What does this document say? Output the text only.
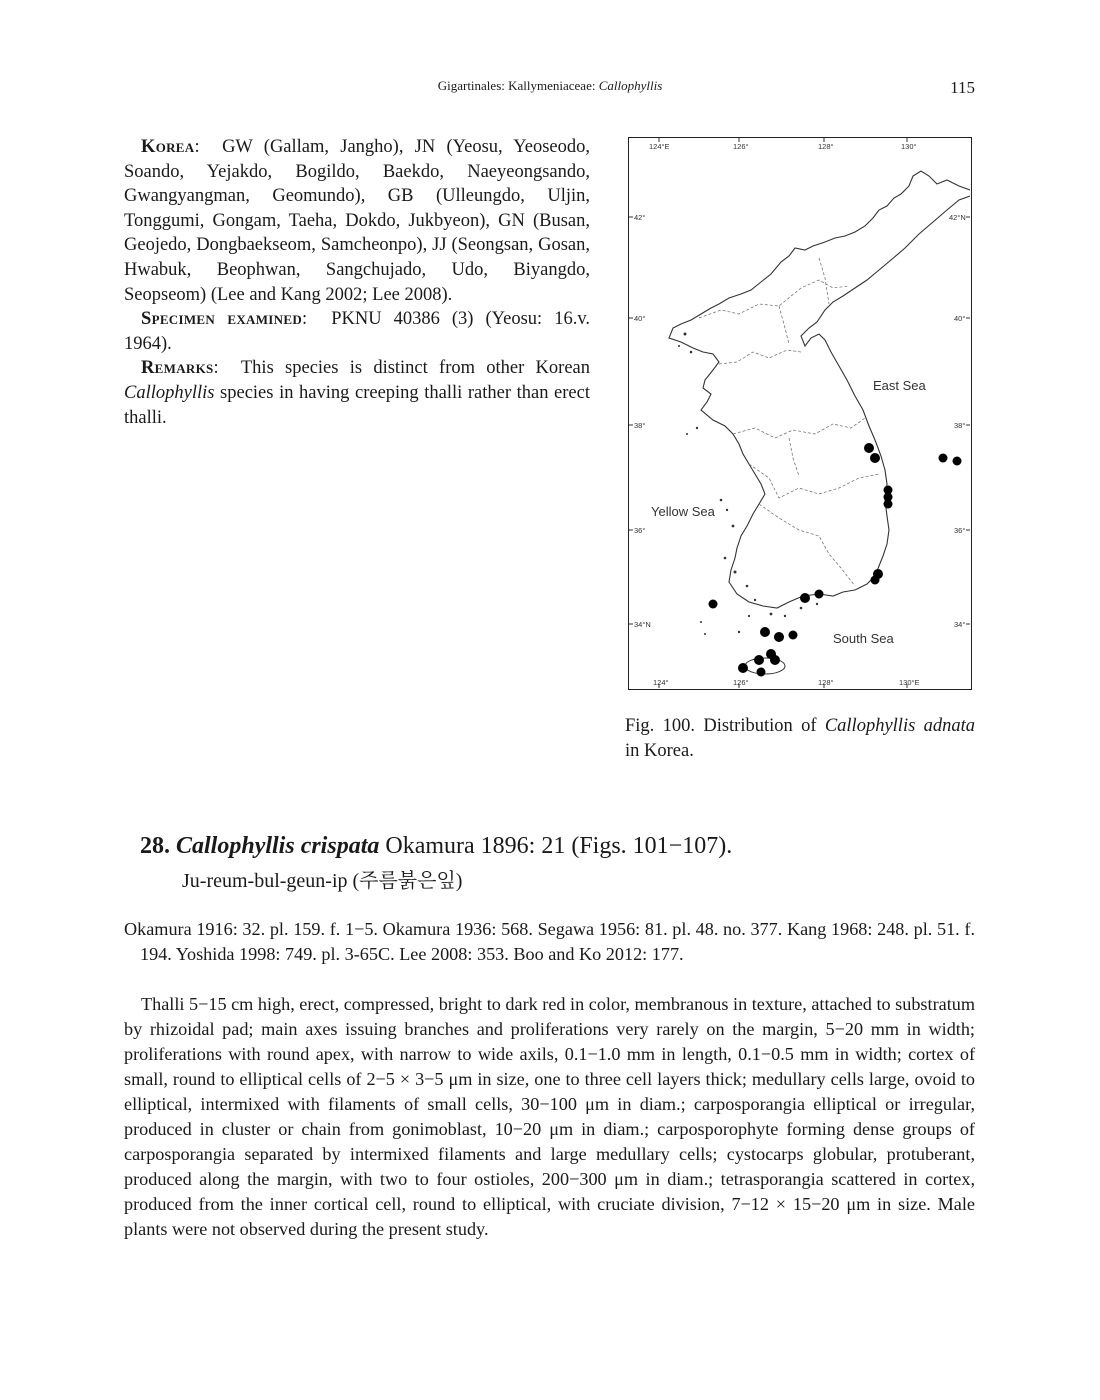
Gigartinales: Kallymeniaceae: Callophyllis	115

Korea:  GW (Gallam, Jangho), JN (Yeosu, Yeoseodo, Soando, Yejakdo, Bogildo, Baekdo, Naeyeongsando, Gwangyangman, Geomundo), GB (Ulleungdo, Uljin, Tonggumi, Gongam, Taeha, Dokdo, Jukbyeon), GN (Busan, Geojedo, Dongbaekseom, Samcheonpo), JJ (Seongsan, Gosan, Hwabuk, Beophwan, Sangchujado, Udo, Biyangdo, Seopseom) (Lee and Kang 2002; Lee 2008).

Specimen examined:  PKNU 40386 (3) (Yeosu: 16.v. 1964).

Remarks:  This species is distinct from other Korean Callophyllis species in having creeping thalli rather than erect thalli.

124°E	126°	128°	130°
124°	126°	128°	130°E
42°
40°
38°
36°
34°N
42°N
40°
38°
36°
34°
East Sea
Yellow Sea
South Sea
Fig. 100. Distribution of Callophyllis adnata in Korea.
28. Callophyllis crispata Okamura 1896: 21 (Figs. 101−107).
Ju-reum-bul-geun-ip (주름붉은잎)

Okamura 1916: 32. pl. 159. f. 1−5. Okamura 1936: 568. Segawa 1956: 81. pl. 48. no. 377. Kang 1968: 248. pl. 51. f. 194. Yoshida 1998: 749. pl. 3-65C. Lee 2008: 353. Boo and Ko 2012: 177.

Thalli 5−15 cm high, erect, compressed, bright to dark red in color, membranous in texture, attached to substratum by rhizoidal pad; main axes issuing branches and proliferations very rarely on the margin, 5−20 mm in width; proliferations with round apex, with narrow to wide axils, 0.1−1.0 mm in length, 0.1−0.5 mm in width; cortex of small, round to elliptical cells of 2−5 × 3−5 μm in size, one to three cell layers thick; medullary cells large, ovoid to elliptical, intermixed with filaments of small cells, 30−100 μm in diam.; carposporangia elliptical or irregular, produced in cluster or chain from gonimoblast, 10−20 μm in diam.; carposporophyte forming dense groups of carposporangia separated by intermixed filaments and large medullary cells; cystocarps globular, protuberant, produced along the margin, with two to four ostioles, 200−300 μm in diam.; tetrasporangia scattered in cortex, produced from the inner cortical cell, round to elliptical, with cruciate division, 7−12 × 15−20 μm in size. Male plants were not observed during the present study.
